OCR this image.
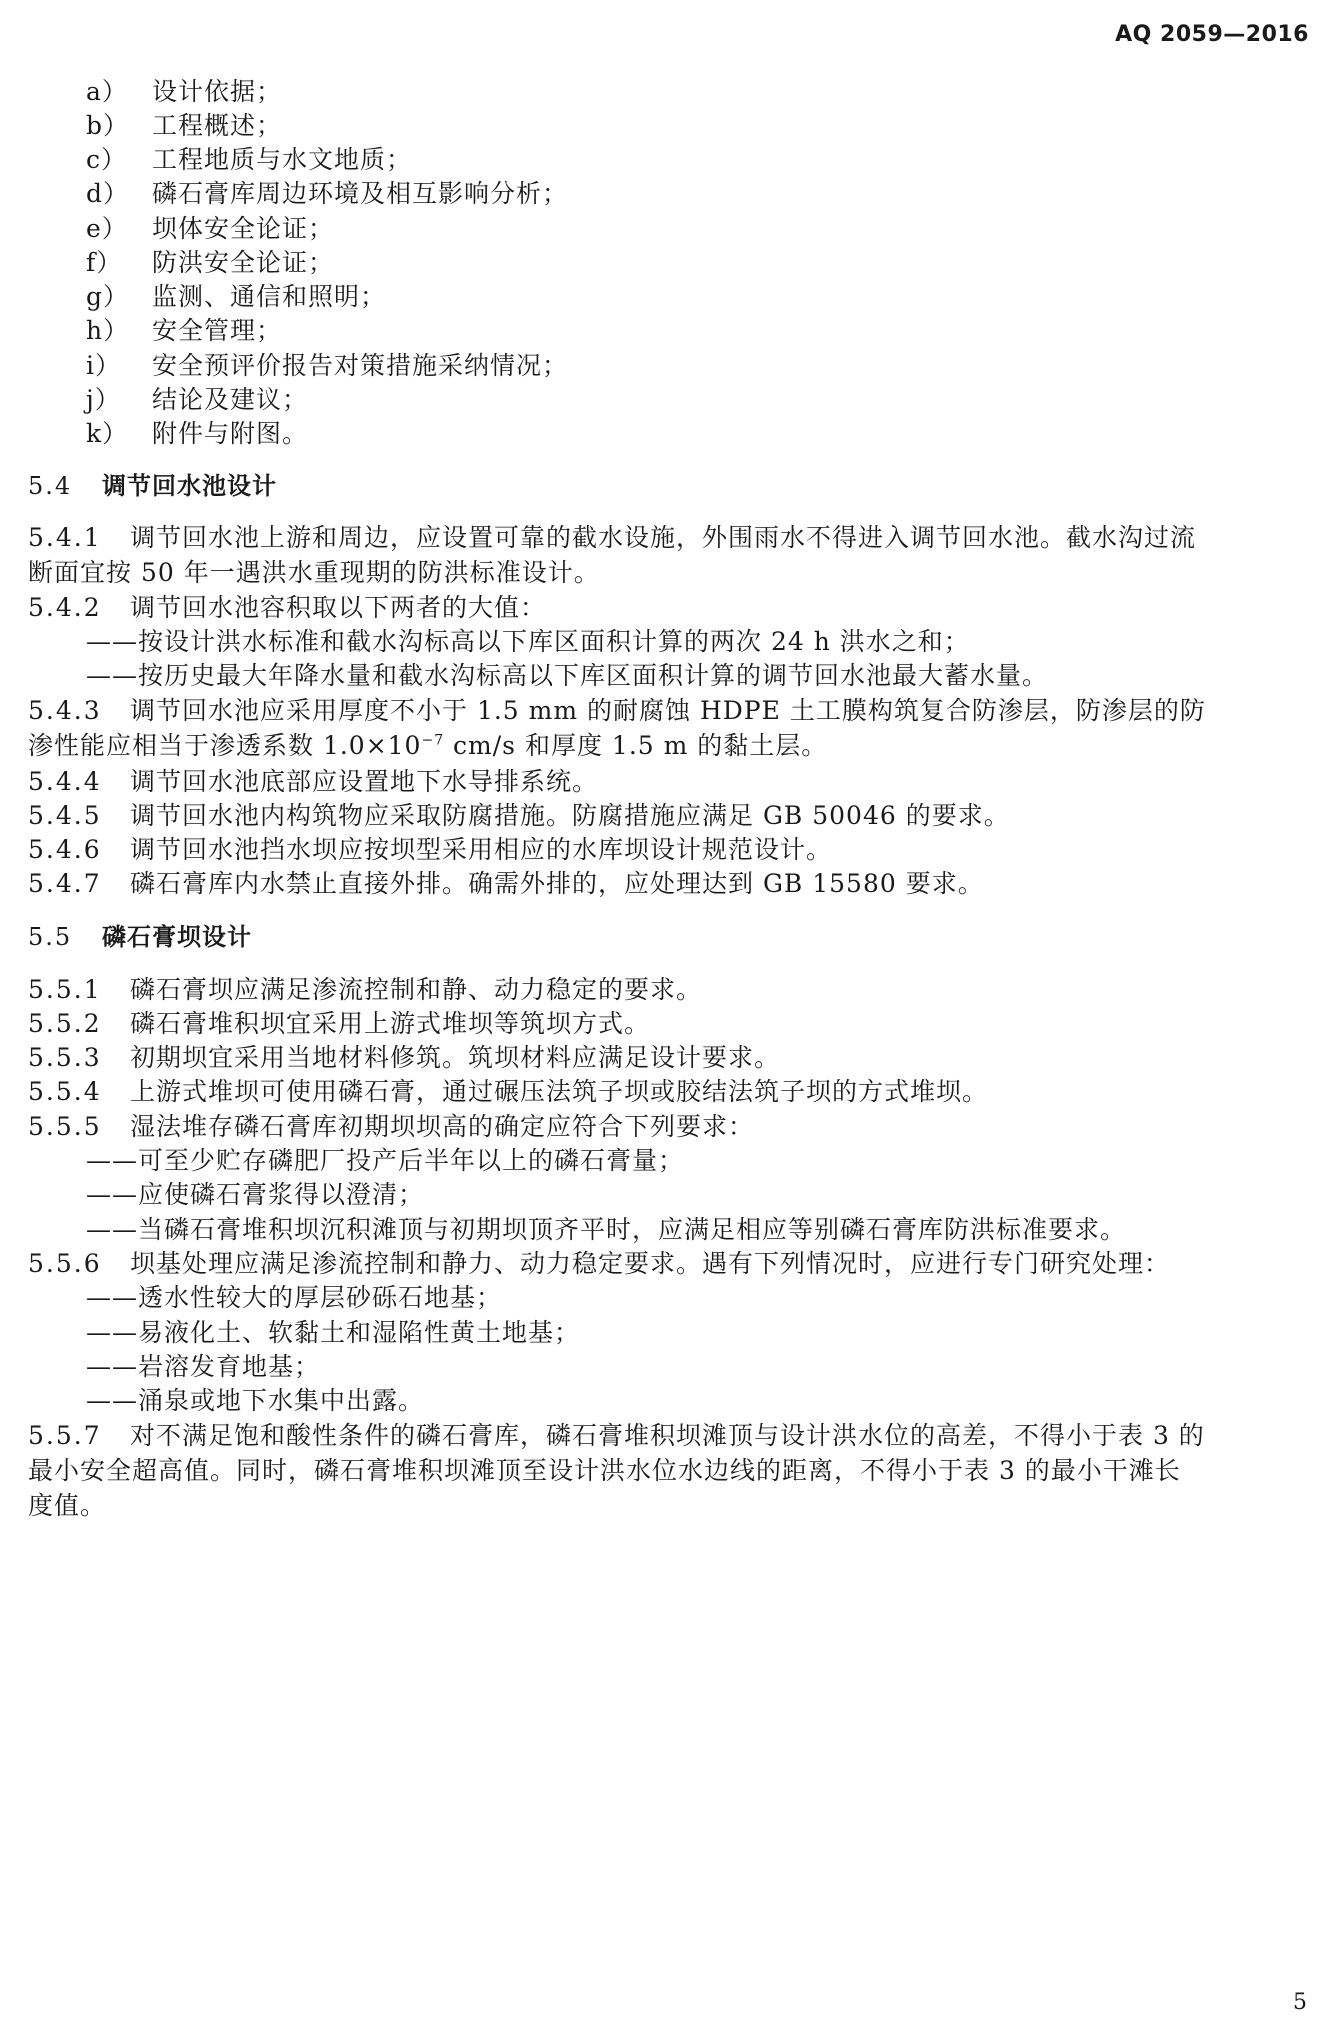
AQ 2059—2016
a） 设计依据；
b） 工程概述；
c） 工程地质与水文地质；
d） 磷石膏库周边环境及相互影响分析；
e） 坝体安全论证；
f） 防洪安全论证；
g） 监测、通信和照明；
h） 安全管理；
i） 安全预评价报告对策措施采纳情况；
j） 结论及建议；
k） 附件与附图。
5.4 调节回水池设计
5.4.1 调节回水池上游和周边，应设置可靠的截水设施，外围雨水不得进入调节回水池。截水沟过流
断面宜按 50 年一遇洪水重现期的防洪标准设计。
5.4.2 调节回水池容积取以下两者的大值：
——按设计洪水标准和截水沟标高以下库区面积计算的两次 24 h 洪水之和；
——按历史最大年降水量和截水沟标高以下库区面积计算的调节回水池最大蓄水量。
5.4.3 调节回水池应采用厚度不小于 1.5 mm 的耐腐蚀 HDPE 土工膜构筑复合防渗层，防渗层的防
渗性能应相当于渗透系数 $1.0\times 10^{-7}$ cm/s 和厚度 1.5 m 的黏土层。
5.4.4 调节回水池底部应设置地下水导排系统。
5.4.5 调节回水池内构筑物应采取防腐措施。防腐措施应满足 GB 50046 的要求。
5.4.6 调节回水池挡水坝应按坝型采用相应的水库坝设计规范设计。
5.4.7 磷石膏库内水禁止直接外排。确需外排的，应处理达到 GB 15580 要求。
5.5 磷石膏坝设计
5.5.1 磷石膏坝应满足渗流控制和静、动力稳定的要求。
5.5.2 磷石膏堆积坝宜采用上游式堆坝等筑坝方式。
5.5.3 初期坝宜采用当地材料修筑。筑坝材料应满足设计要求。
5.5.4 上游式堆坝可使用磷石膏，通过碾压法筑子坝或胶结法筑子坝的方式堆坝。
5.5.5 湿法堆存磷石膏库初期坝坝高的确定应符合下列要求：
——可至少贮存磷肥厂投产后半年以上的磷石膏量；
——应使磷石膏浆得以澄清；
——当磷石膏堆积坝沉积滩顶与初期坝顶齐平时，应满足相应等别磷石膏库防洪标准要求。
5.5.6 坝基处理应满足渗流控制和静力、动力稳定要求。遇有下列情况时，应进行专门研究处理：
——透水性较大的厚层砂砾石地基；
——易液化土、软黏土和湿陷性黄土地基；
——岩溶发育地基；
——涌泉或地下水集中出露。
5.5.7 对不满足饱和酸性条件的磷石膏库，磷石膏堆积坝滩顶与设计洪水位的高差，不得小于表 3 的
最小安全超高值。同时，磷石膏堆积坝滩顶至设计洪水位水边线的距离，不得小于表 3 的最小干滩长
度值。
5
